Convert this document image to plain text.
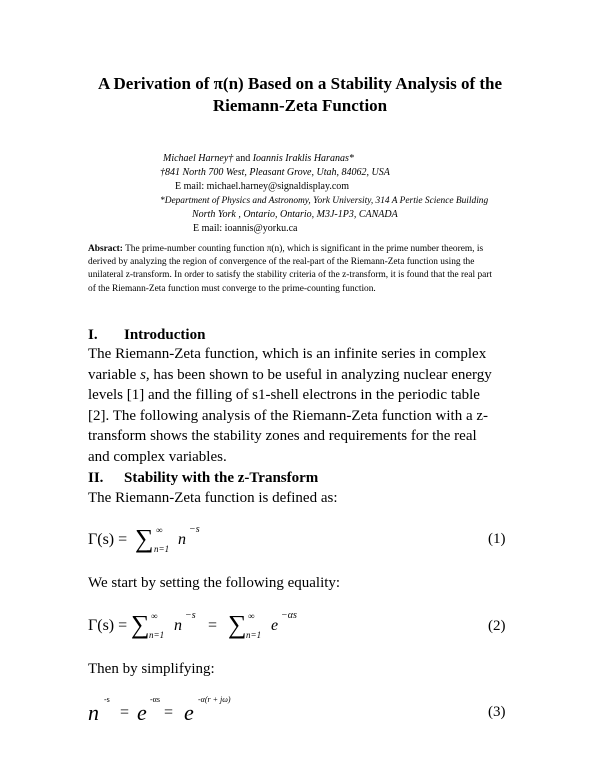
A Derivation of π(n) Based on a Stability Analysis of the
Riemann-Zeta Function
Michael Harney† and Ioannis Iraklis Haranas*
†841 North 700 West, Pleasant Grove, Utah, 84062, USA
E mail: michael.harney@signaldisplay.com
*Department of Physics and Astronomy, York University, 314 A Pertie Science Building
North York , Ontario, Ontario, M3J-1P3, CANADA
E mail: ioannis@yorku.ca
Absract: The prime-number counting function π(n), which is significant in the prime number theorem, is
derived by analyzing the region of convergence of the real-part of the Riemann-Zeta function using the
unilateral z-transform. In order to satisfy the stability criteria of the z-transform, it is found that the real part
of the Riemann-Zeta function must converge to the prime-counting function.
I. Introduction
The Riemann-Zeta function, which is an infinite series in complex
variable s, has been shown to be useful in analyzing nuclear energy
levels [1] and the filling of s1-shell electrons in the periodic table
[2]. The following analysis of the Riemann-Zeta function with a z-
transform shows the stability zones and requirements for the real
and complex variables.
II. Stability with the z-Transform
The Riemann-Zeta function is defined as:
Γ(s) = ∑ ∞
n=1
n
−s
(1)
We start by setting the following equality:
Γ(s) = ∑ ∞
n=1
n
−s
= ∑ ∞
n=1
e
−αs
(2)
Then by simplifying:
n
-s
= e
-αs
= e
-α(r + jω)
(3)
